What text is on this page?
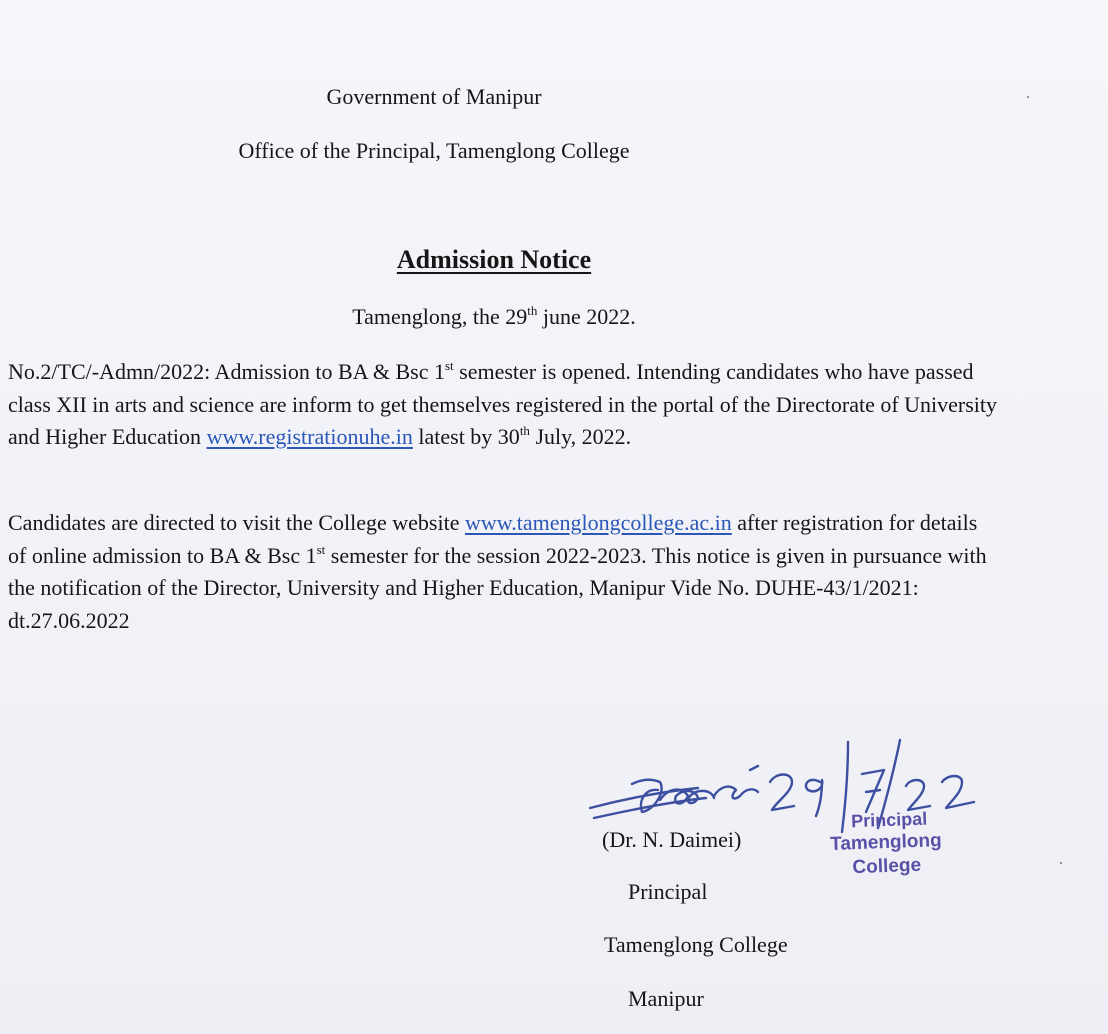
Government of Manipur
Office of the Principal, Tamenglong College
Admission Notice
Tamenglong, the 29th june 2022.
No.2/TC/-Admn/2022: Admission to BA & Bsc 1st semester is opened. Intending candidates who have passed class XII in arts and science are inform to get themselves registered in the portal of the Directorate of University and Higher Education www.registrationuhe.in latest by 30th July, 2022.
Candidates are directed to visit the College website www.tamenglongcollege.ac.in after registration for details of online admission to BA & Bsc 1st semester for the session 2022-2023. This notice is given in pursuance with the notification of the Director, University and Higher Education, Manipur Vide No. DUHE-43/1/2021: dt.27.06.2022
Principal
Tamenglong College
(Dr. N. Daimei)
Principal
Tamenglong College
Manipur
